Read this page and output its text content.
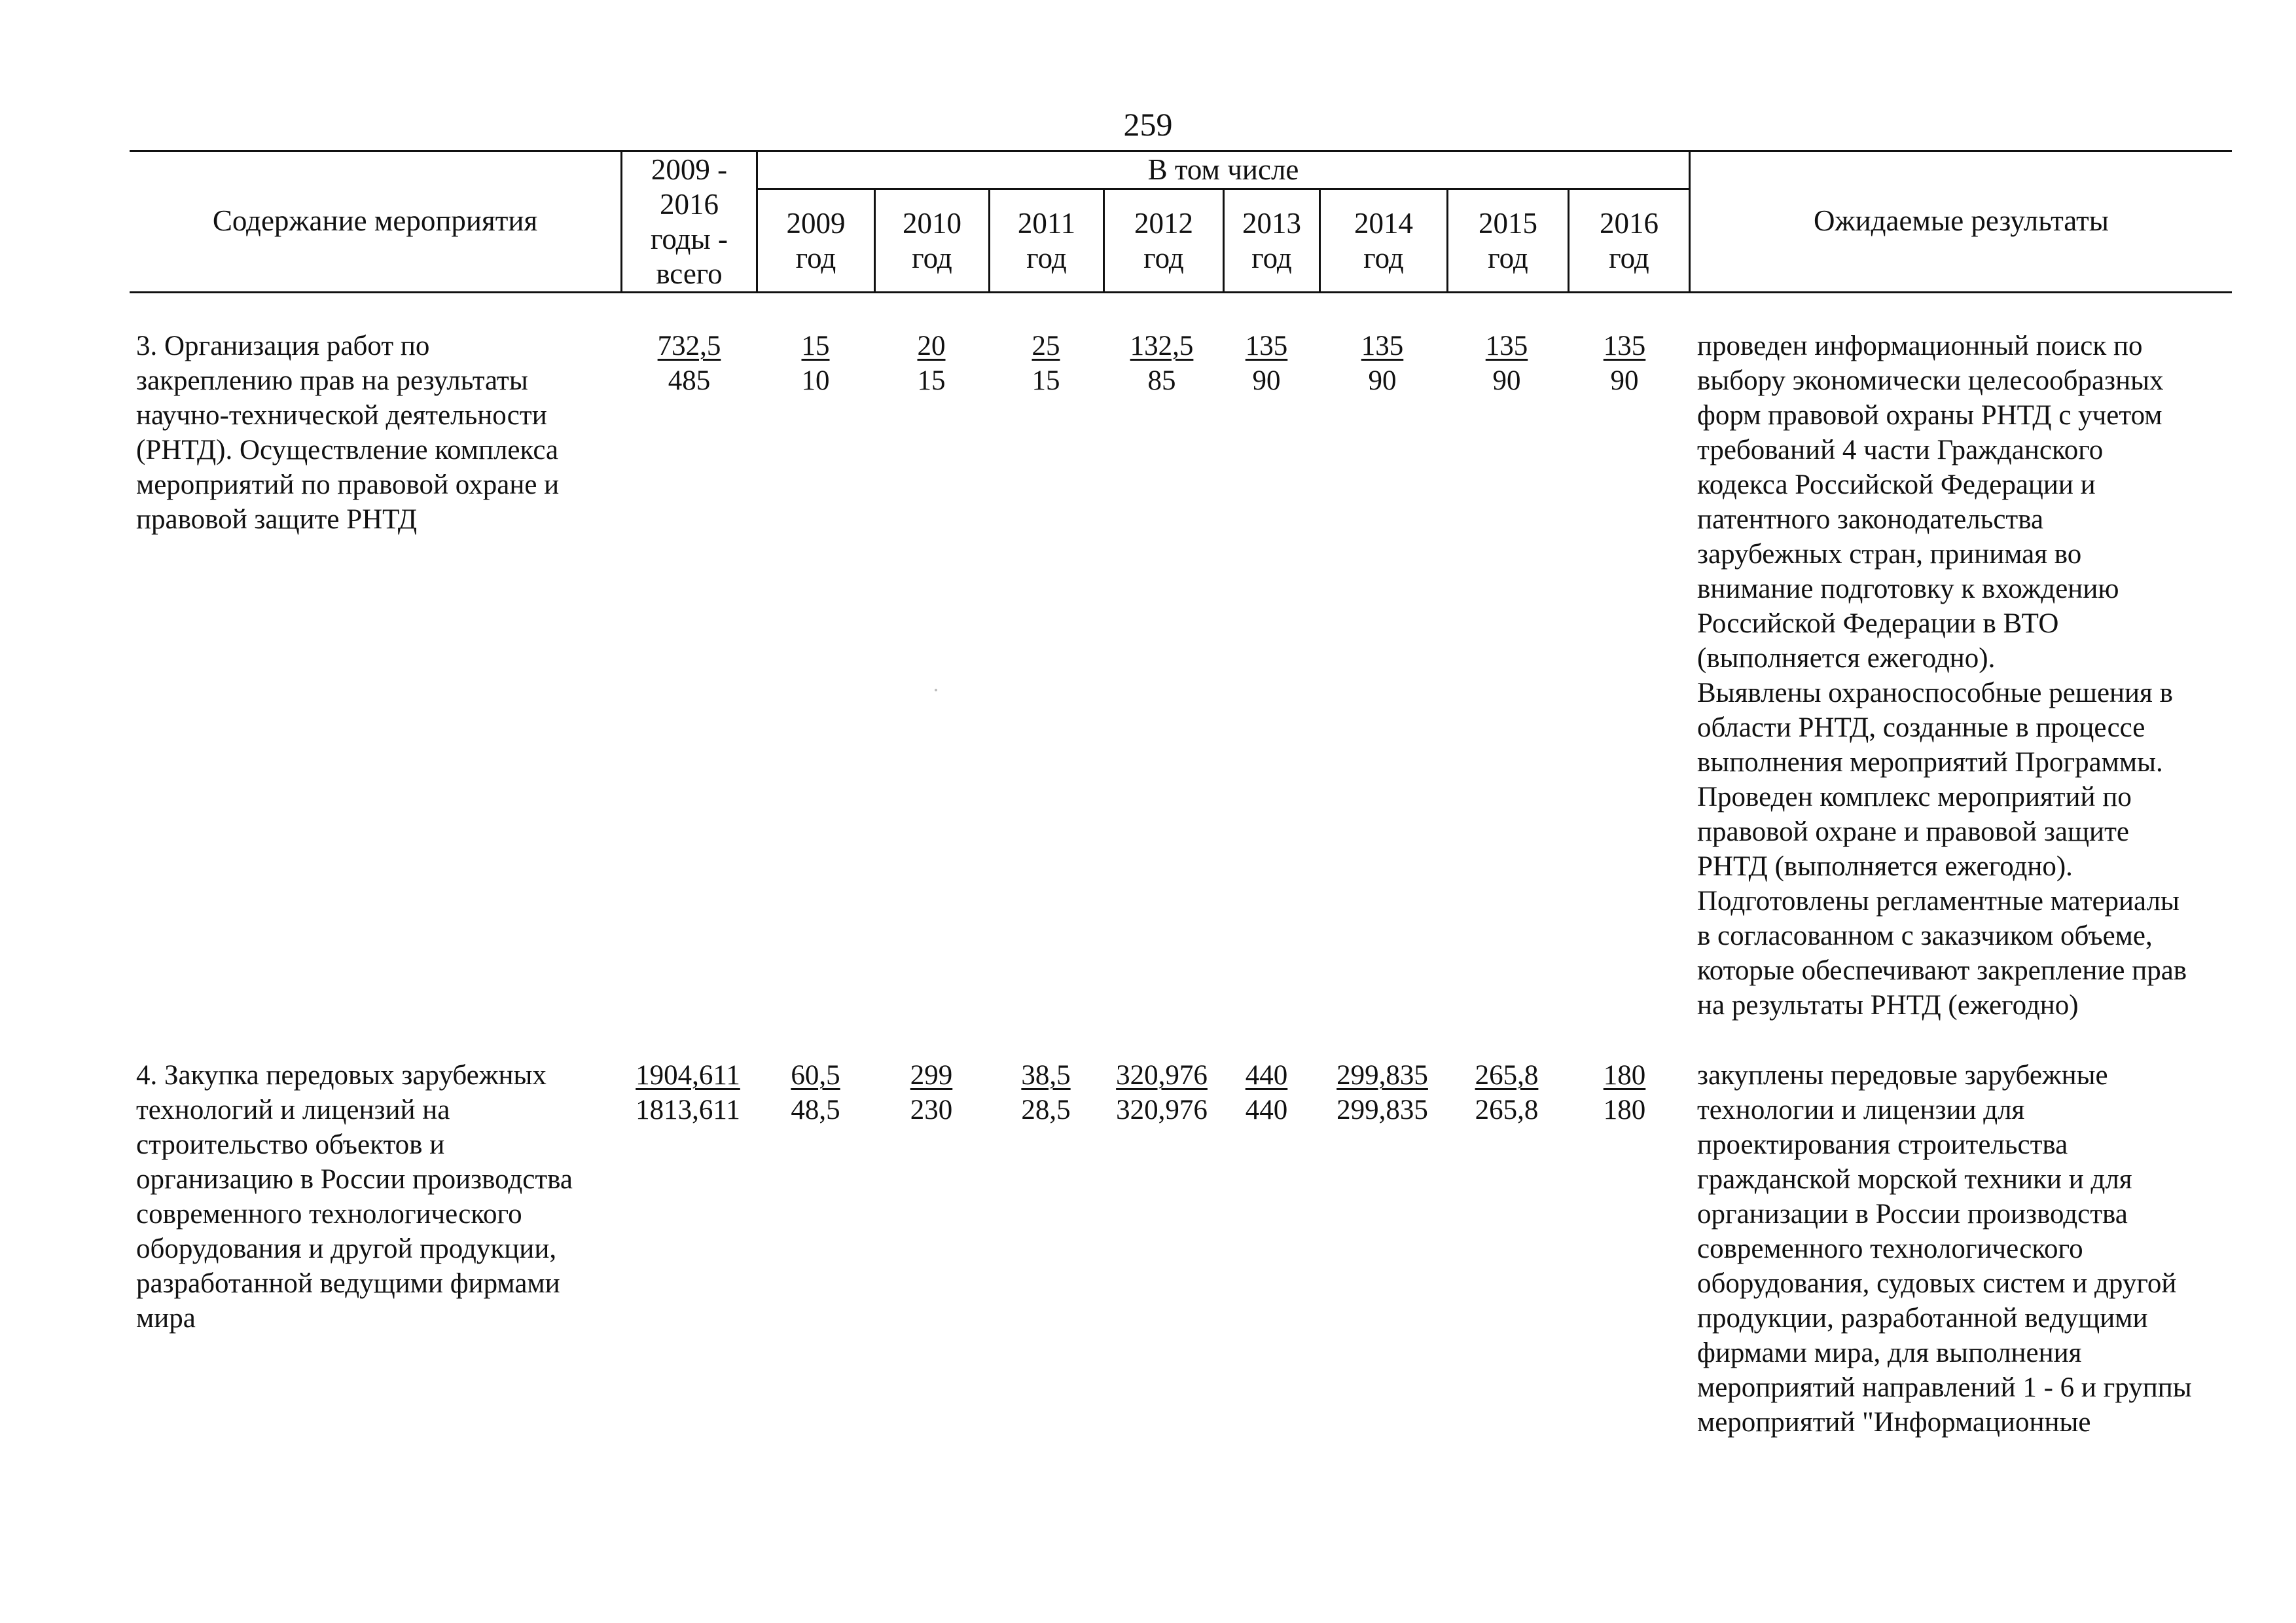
259
Содержание мероприятия
2009 -
2016
годы -
всего
В том числе
2009
год
2010
год
2011
год
2012
год
2013
год
2014
год
2015
год
2016
год
Ожидаемые результаты
3. Организация работ по
закреплению прав на результаты
научно-технической деятельности
(РНТД). Осуществление комплекса
мероприятий по правовой охране и
правовой защите РНТД
732,5
485
15
10
20
15
25
15
132,5
85
135
90
135
90
135
90
135
90
проведен информационный поиск по
выбору экономически целесообразных
форм правовой охраны РНТД с учетом
требований 4 части Гражданского
кодекса Российской Федерации и
патентного законодательства
зарубежных стран, принимая во
внимание подготовку к вхождению
Российской Федерации в ВТО
(выполняется ежегодно).
Выявлены охраноспособные решения в
области РНТД, созданные в процессе
выполнения мероприятий Программы.
Проведен комплекс мероприятий по
правовой охране и правовой защите
РНТД (выполняется ежегодно).
Подготовлены регламентные материалы
в согласованном с заказчиком объеме,
которые обеспечивают закрепление прав
на результаты РНТД (ежегодно)
4. Закупка передовых зарубежных
технологий и лицензий на
строительство объектов и
организацию в России производства
современного технологического
оборудования и другой продукции,
разработанной ведущими фирмами
мира
1904,611
1813,611
60,5
48,5
299
230
38,5
28,5
320,976
320,976
440
440
299,835
299,835
265,8
265,8
180
180
закуплены передовые зарубежные
технологии и лицензии для
проектирования строительства
гражданской морской техники и для
организации в России производства
современного технологического
оборудования, судовых систем и другой
продукции, разработанной ведущими
фирмами мира, для выполнения
мероприятий направлений 1 - 6 и группы
мероприятий "Информационные
